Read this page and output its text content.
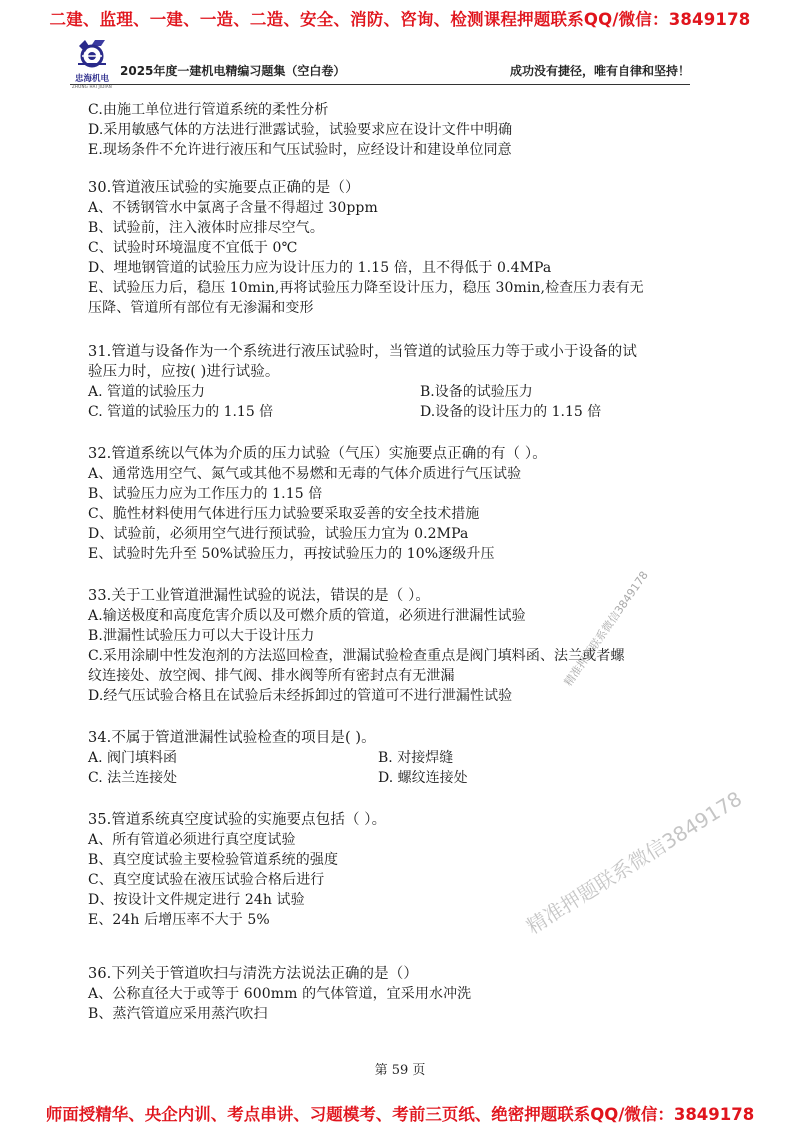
二建、监理、一建、一造、二造、安全、消防、咨询、检测课程押题联系QQ/微信：3849178
忠海机电
ZHONG HAI JIDIAN
2025年度一建机电精编习题集（空白卷）	成功没有捷径，唯有自律和坚持！
C.由施工单位进行管道系统的柔性分析
D.采用敏感气体的方法进行泄露试验，试验要求应在设计文件中明确
E.现场条件不允许进行液压和气压试验时，应经设计和建设单位同意
30.管道液压试验的实施要点正确的是（）
A、不锈钢管水中氯离子含量不得超过 30ppm
B、试验前，注入液体时应排尽空气。
C、试验时环境温度不宜低于 0℃
D、埋地钢管道的试验压力应为设计压力的 1.15 倍，且不得低于 0.4MPa
E、试验压力后，稳压 10min,再将试验压力降至设计压力，稳压 30min,检查压力表有无
压降、管道所有部位有无渗漏和变形
31.管道与设备作为一个系统进行液压试验时，当管道的试验压力等于或小于设备的试
验压力时，应按( )进行试验。
A. 管道的试验压力	B.设备的试验压力
C. 管道的试验压力的 1.15 倍	D.设备的设计压力的 1.15 倍
32.管道系统以气体为介质的压力试验（气压）实施要点正确的有（ ）。
A、通常选用空气、氮气或其他不易燃和无毒的气体介质进行气压试验
B、试验压力应为工作压力的 1.15 倍
C、脆性材料使用气体进行压力试验要采取妥善的安全技术措施
D、试验前，必须用空气进行预试验，试验压力宜为 0.2MPa
E、试验时先升至 50%试验压力，再按试验压力的 10%逐级升压
33.关于工业管道泄漏性试验的说法，错误的是（ ）。
A.输送极度和高度危害介质以及可燃介质的管道，必须进行泄漏性试验
B.泄漏性试验压力可以大于设计压力
C.采用涂刷中性发泡剂的方法巡回检查，泄漏试验检查重点是阀门填料函、法兰或者螺
纹连接处、放空阀、排气阀、排水阀等所有密封点有无泄漏
D.经气压试验合格且在试验后未经拆卸过的管道可不进行泄漏性试验
34.不属于管道泄漏性试验检查的项目是( )。
A. 阀门填料函	B. 对接焊缝
C. 法兰连接处	D. 螺纹连接处
35.管道系统真空度试验的实施要点包括（ ）。
A、所有管道必须进行真空度试验
B、真空度试验主要检验管道系统的强度
C、真空度试验在液压试验合格后进行
D、按设计文件规定进行 24h 试验
E、24h 后增压率不大于 5%
36.下列关于管道吹扫与清洗方法说法正确的是（）
A、公称直径大于或等于 600mm 的气体管道，宜采用水冲洗
B、蒸汽管道应采用蒸汽吹扫
精准押题联系微信3849178
精准押题联系微信3849178
第 59 页
师面授精华、央企内训、考点串讲、习题模考、考前三页纸、绝密押题联系QQ/微信：3849178
